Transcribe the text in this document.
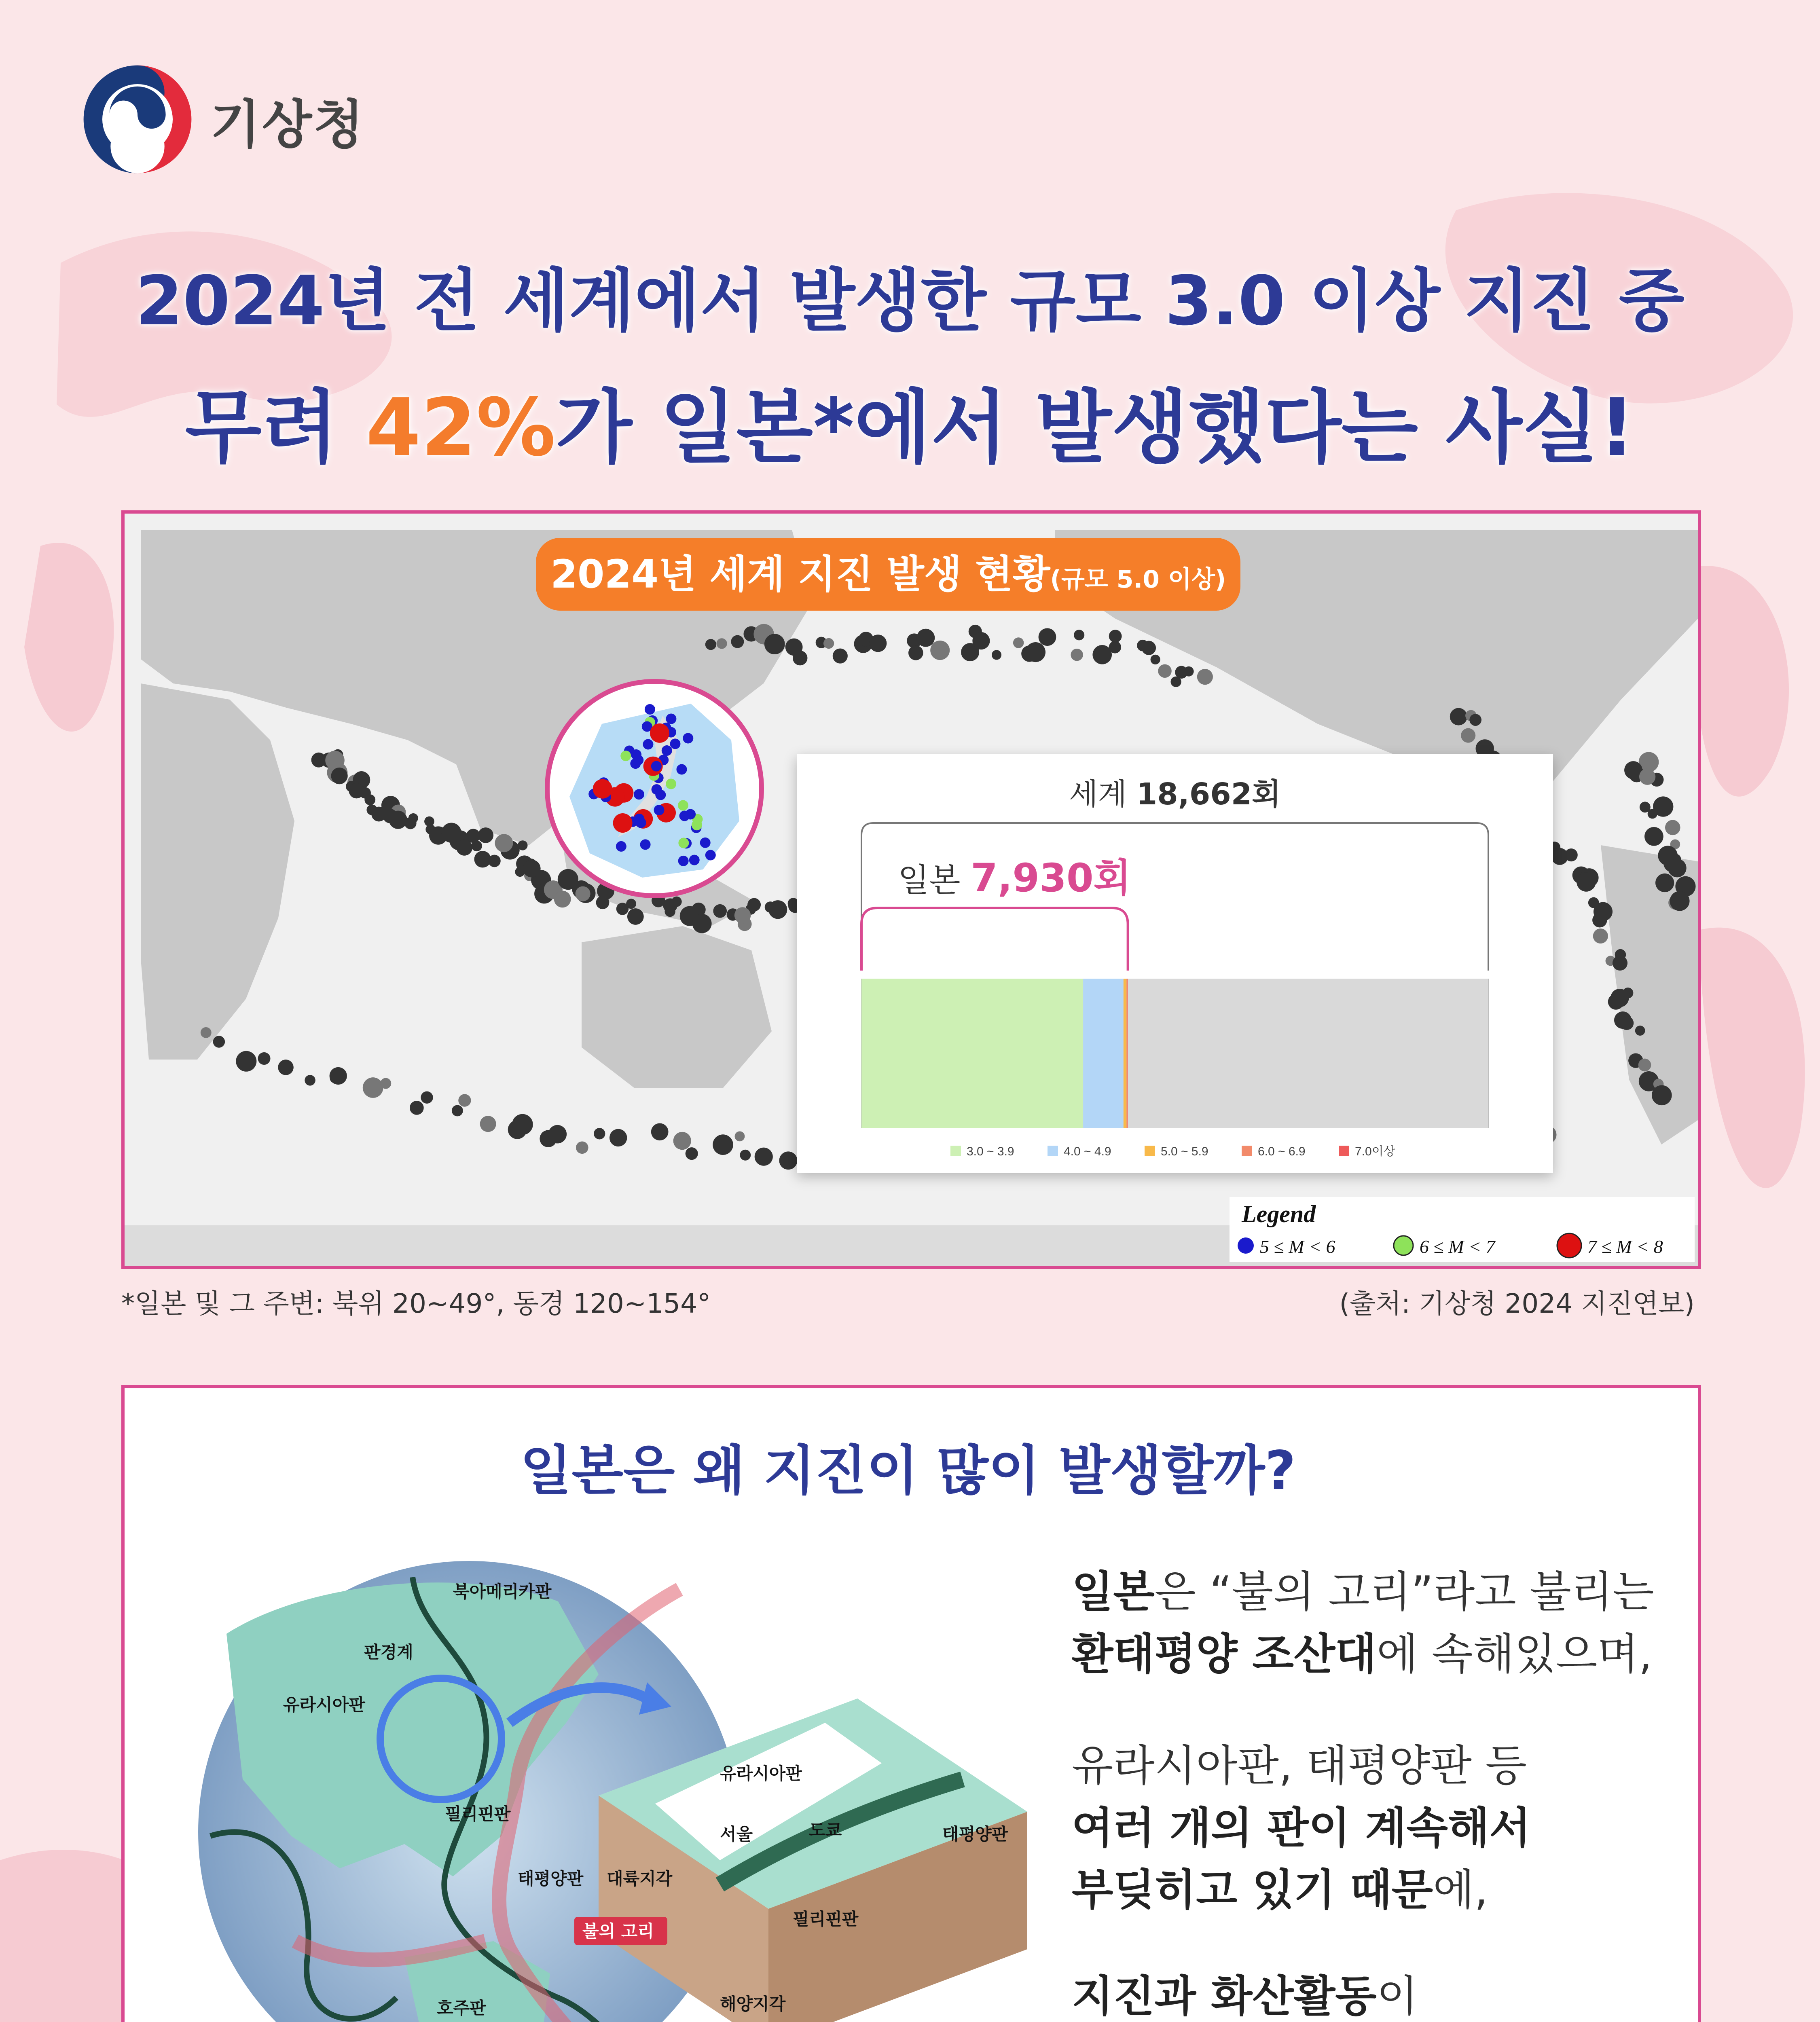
기상청
2024년 전 세계에서 발생한 규모 3.0 이상 지진 중
무려 42%가 일본*에서 발생했다는 사실!
2024년 세계 지진 발생 현황(규모 5.0 이상)
세계 18,662회
일본 7,930회
3.0 ~ 3.9	4.0 ~ 4.9	5.0 ~ 5.9	6.0 ~ 6.9	7.0이상
Legend
5 ≤ M < 6	6 ≤ M < 7	7 ≤ M < 8
*일본 및 그 주변: 북위 20~49°, 동경 120~154°	(출처: 기상청 2024 지진연보)
일본은 왜 지진이 많이 발생할까?
북아메리카판
판경계
유라시아판
필리핀판
태평양판
불의 고리
호주판
유라시아판
서울	도쿄	태평양판
대륙지각
필리핀판
해양지각
일본은 “불의 고리”라고 불리는
환태평양 조산대에 속해있으며,
유라시아판, 태평양판 등
여러 개의 판이 계속해서
부딪히고 있기 때문에,
지진과 화산활동이
